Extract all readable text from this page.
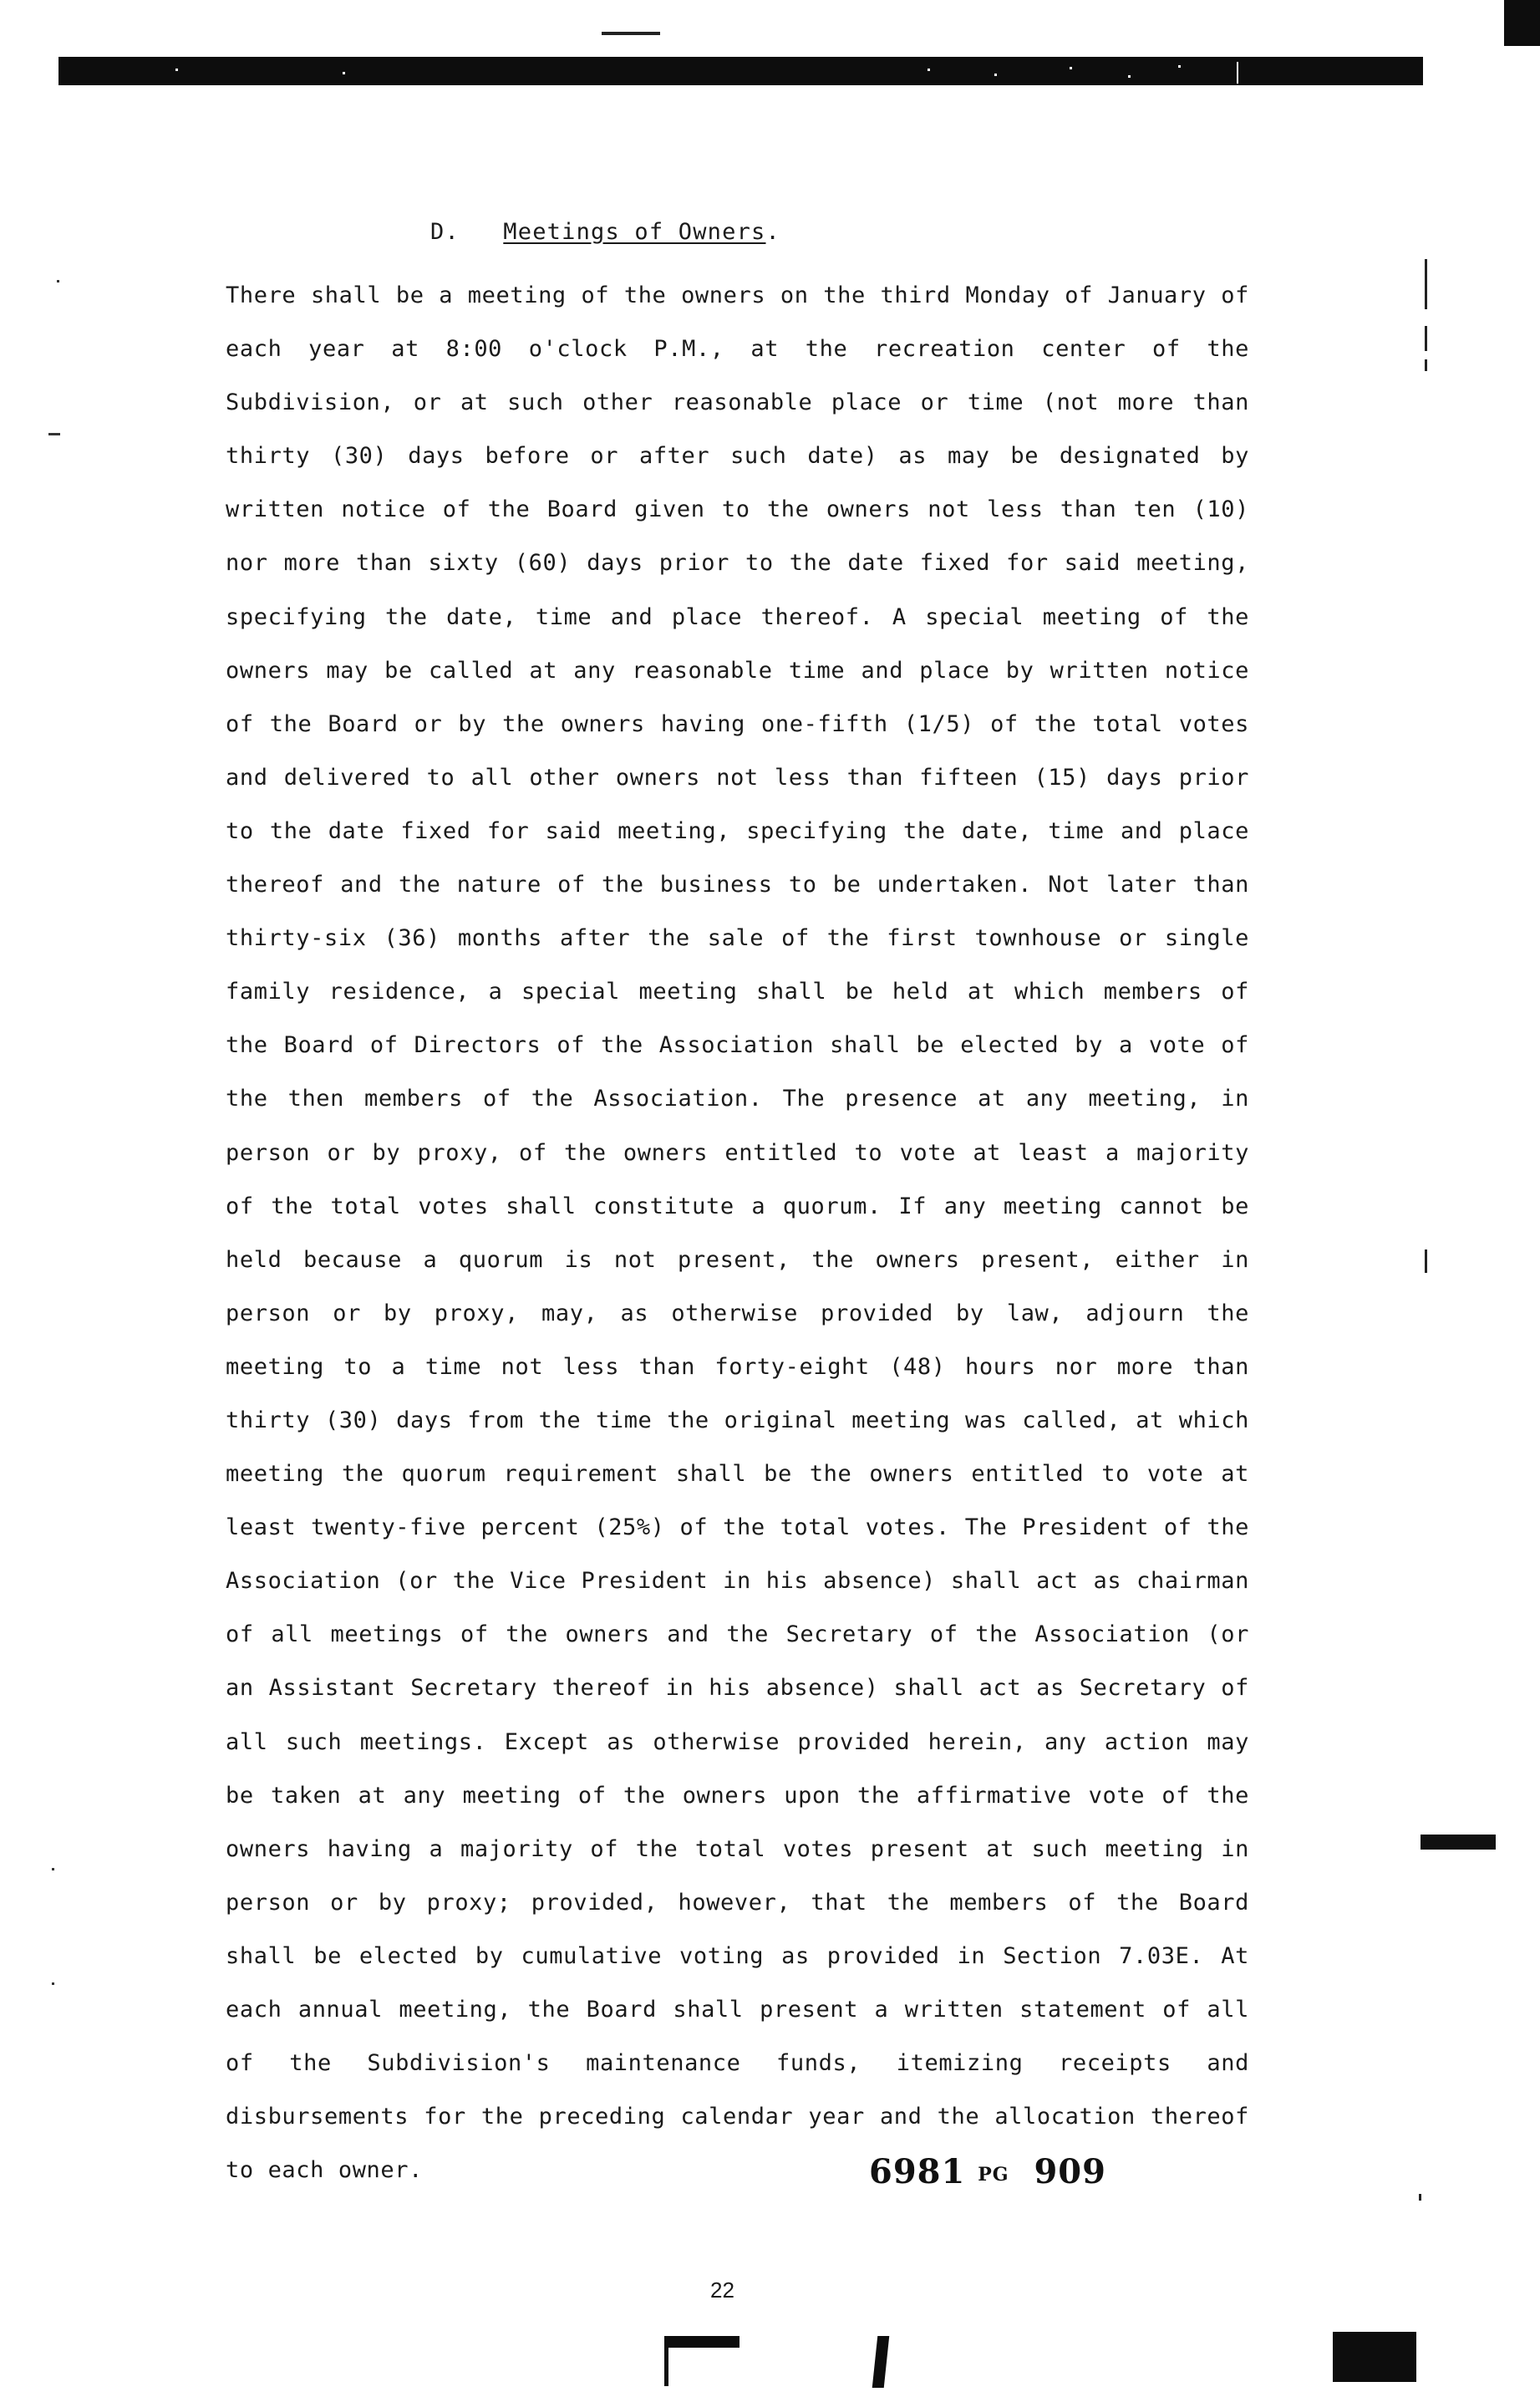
D. Meetings of Owners.

There shall be a meeting of the owners on the third Monday of January of each year at 8:00 o'clock P.M., at the recreation center of the Subdivision, or at such other reasonable place or time (not more than thirty (30) days before or after such date) as may be designated by written notice of the Board given to the owners not less than ten (10) nor more than sixty (60) days prior to the date fixed for said meeting, specifying the date, time and place thereof. A special meeting of the owners may be called at any reasonable time and place by written notice of the Board or by the owners having one-fifth (1/5) of the total votes and delivered to all other owners not less than fifteen (15) days prior to the date fixed for said meeting, specifying the date, time and place thereof and the nature of the business to be undertaken. Not later than thirty-six (36) months after the sale of the first townhouse or single family residence, a special meeting shall be held at which members of the Board of Directors of the Association shall be elected by a vote of the then members of the Association. The presence at any meeting, in person or by proxy, of the owners entitled to vote at least a majority of the total votes shall constitute a quorum. If any meeting cannot be held because a quorum is not present, the owners present, either in person or by proxy, may, as otherwise provided by law, adjourn the meeting to a time not less than forty-eight (48) hours nor more than thirty (30) days from the time the original meeting was called, at which meeting the quorum requirement shall be the owners entitled to vote at least twenty-five percent (25%) of the total votes. The President of the Association (or the Vice President in his absence) shall act as chairman of all meetings of the owners and the Secretary of the Association (or an Assistant Secretary thereof in his absence) shall act as Secretary of all such meetings. Except as otherwise provided herein, any action may be taken at any meeting of the owners upon the affirmative vote of the owners having a majority of the total votes present at such meeting in person or by proxy; provided, however, that the members of the Board shall be elected by cumulative voting as provided in Section 7.03E. At each annual meeting, the Board shall present a written statement of all of the Subdivision's maintenance funds, itemizing receipts and disbursements for the preceding calendar year and the allocation thereof to each owner.	6981 PG 909
22
